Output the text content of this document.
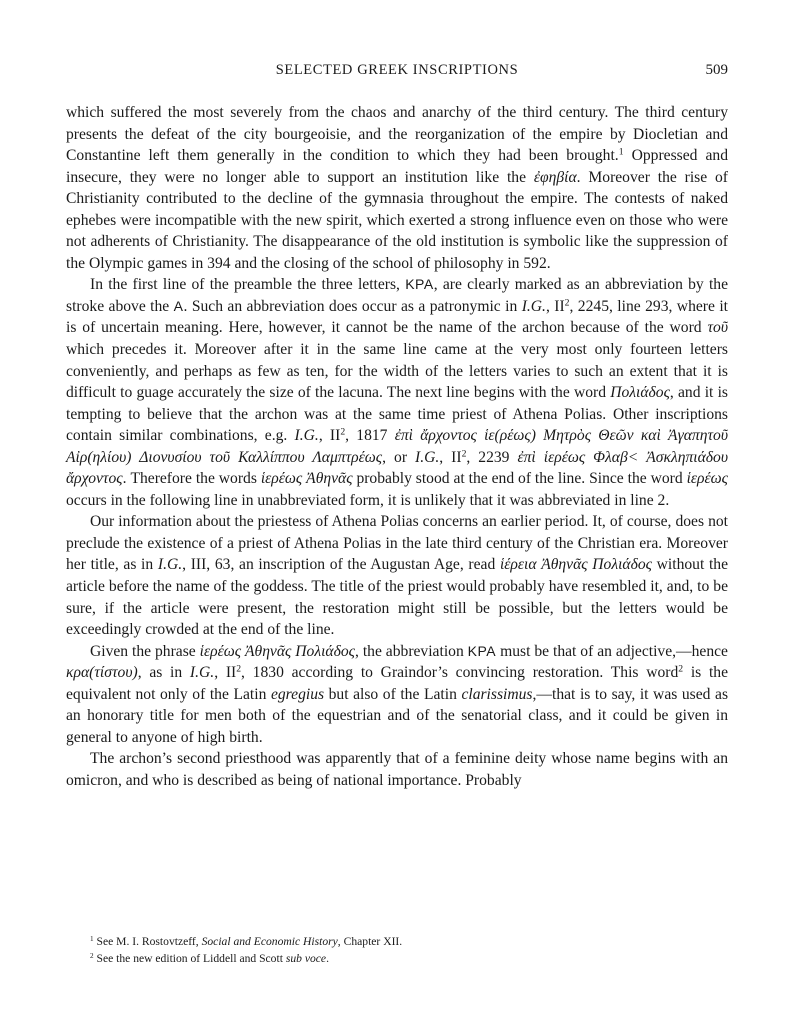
SELECTED GREEK INSCRIPTIONS	509

which suffered the most severely from the chaos and anarchy of the third century. The third century presents the defeat of the city bourgeoisie, and the reorganization of the empire by Diocletian and Constantine left them generally in the condition to which they had been brought.$^1$ Oppressed and insecure, they were no longer able to support an institution like the ἐφηβία. Moreover the rise of Christianity contributed to the decline of the gymnasia throughout the empire. The contests of naked ephebes were incompatible with the new spirit, which exerted a strong influence even on those who were not adherents of Christianity. The disappearance of the old institution is symbolic like the suppression of the Olympic games in 394 and the closing of the school of philosophy in 592.

In the first line of the preamble the three letters, ΚΡΑ, are clearly marked as an abbreviation by the stroke above the Α. Such an abbreviation does occur as a patronymic in I.G., $II^2$, 2245, line 293, where it is of uncertain meaning. Here, however, it cannot be the name of the archon because of the word τοῦ which precedes it. Moreover after it in the same line came at the very most only fourteen letters conveniently, and perhaps as few as ten, for the width of the letters varies to such an extent that it is difficult to guage accurately the size of the lacuna. The next line begins with the word Πολιάδος, and it is tempting to believe that the archon was at the same time priest of Athena Polias. Other inscriptions contain similar combinations, e.g. I.G., $II^2$, 1817 ἐπὶ ἄρχοντος ἱε(ρέως) Μητρὸς Θεῶν καὶ Ἀγαπητοῦ Αἰρ(ηλίου) Διονυσίου τοῦ Καλλίππου Λαμπτρέως, or I.G., $II^2$, 2239 ἐπὶ ἱερέως Φλαβ< Ἀσκληπιάδου ἄρχοντος. Therefore the words ἱερέως Ἀθηνᾶς probably stood at the end of the line. Since the word ἱερέως occurs in the following line in unabbreviated form, it is unlikely that it was abbreviated in line 2.

Our information about the priestess of Athena Polias concerns an earlier period. It, of course, does not preclude the existence of a priest of Athena Polias in the late third century of the Christian era. Moreover her title, as in I.G., III, 63, an inscription of the Augustan Age, read ἱέρεια Ἀθηνᾶς Πολιάδος without the article before the name of the goddess. The title of the priest would probably have resembled it, and, to be sure, if the article were present, the restoration might still be possible, but the letters would be exceedingly crowded at the end of the line.

Given the phrase ἱερέως Ἀθηνᾶς Πολιάδος, the abbreviation ΚΡΑ must be that of an adjective,—hence κρα(τίστου), as in I.G., $II^2$, 1830 according to Graindor’s convincing restoration. This word$^2$ is the equivalent not only of the Latin egregius but also of the Latin clarissimus,—that is to say, it was used as an honorary title for men both of the equestrian and of the senatorial class, and it could be given in general to anyone of high birth.

The archon’s second priesthood was apparently that of a feminine deity whose name begins with an omicron, and who is described as being of national importance. Probably

$^1$ See M. I. Rostovtzeff, Social and Economic History, Chapter XII.
$^2$ See the new edition of Liddell and Scott sub voce.
